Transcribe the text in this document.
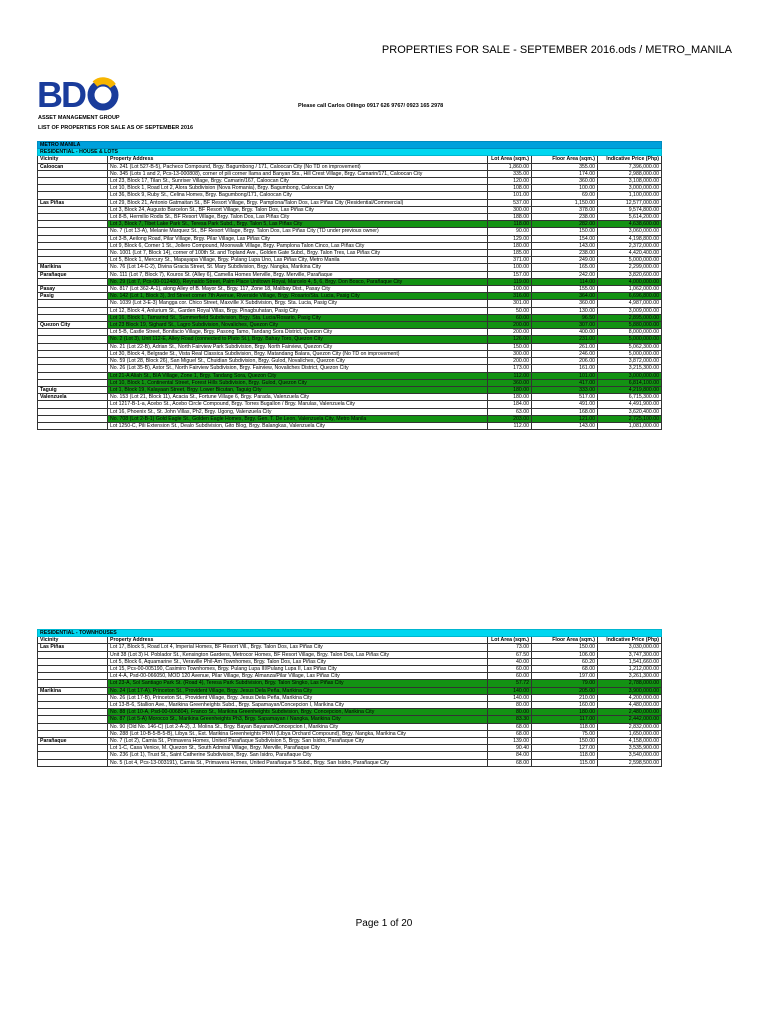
PROPERTIES FOR SALE - SEPTEMBER 2016.ods / METRO_MANILA
BD	Please call Carlos Oilingo 0917 626 9767/ 0923 165 2978
ASSET MANAGEMENT GROUP
LIST OF PROPERTIES FOR SALE AS OF SEPTEMBER 2016
METRO MANILA				
RESIDENTIAL - HOUSE & LOTS				
Vicinity	Property Address	Lot Area (sqm.)	Floor Area (sqm.)	Indicative Price (Php)
Caloocan	No. 241 (Lot 527-B-5), Pacheco Compound, Brgy. Bagumbong / 171, Caloocan City (No TD on improvement)	1,860.00	355.00	7,396,000.00
	No. 345 (Lots 1 and 2, Pcs-13-000808), corner of pili corner Ilama and Banyan Sts., Hill Crest Village, Brgy. Camarin/171, Caloocan City	335.00	174.00	2,988,000.00
	Lot 23, Block 17, Tilan St., Sunriser Village, Brgy. Camarin/167, Caloocan City	120.00	360.00	3,108,000.00
	Lot 10, Block 1, Road Lot 2, Alora Subdivision (Nova Romania), Brgy. Bagumbong, Caloocan City	108.00	100.00	3,000,000.00
	Lot 36, Block 9, Ruby St., Celina Homes, Brgy. Bagumbong/171, Caloocan City	101.00	69.00	1,100,000.00
Las Piñas	Lot 29, Block 21, Antonio Gatmaitan St., BF Resort Village, Brgy. Pamplona/Talon Dos, Las Piñas City (Residential/Commercial)	537.00	1,150.00	12,577,000.00
	Lot 3, Block 24, Augusto Barcelon St., BF Resort Village, Brgy. Talon Dos, Las Piñas City	300.00	378.00	9,574,800.00
	Lot 8-B, Hermilio Rodis St., BF Resort Village, Brgy. Talon Dos, Las Piñas City	188.00	238.00	5,614,200.00
	Lot 3, Block 7, Tibet Lake Park St., Teresa Park Subd., Brgy. Talon 5, Las Piñas City	118.00	282.00	4,638,600.00
	No. 7 (Lot 13-A), Melanie Marquez St., BF Resort Village, Brgy. Talon Dos, Las Piñas City (TD under previous owner)	90.00	150.00	3,060,000.00
	Lot 3-B, Aeilong Road, Pilar Village, Brgy. Pilar Village, Las Piñas City	129.00	154.00	4,198,800.00
	Lot 9, Block 6, Corner 1 St., Jollero Compound, Moonwalk Village, Brgy. Pamplona Talon Cinco, Las Piñas City	180.00	143.00	2,372,000.00
	No. 1001 (Lot 7, Block 14), corner of 100th St. and Topland Ave., Golden Gate Subd., Brgy. Talon Tres, Las Piñas City	185.00	238.00	4,420,400.00
	Lot 5, Block 1, Mercury St., Mapayapa Village, Brgy. Pulang Lupa Uno, Las Piñas City, Metro Manila	371.00	249.00	5,000,000.00
Marikina	No. 76 (Lot 14-C-2), Divina Gracia Street, St. Mary Subdivision, Brgy. Nangka, Marikina City	100.00	165.00	2,299,000.00
Parañaque	No. 111 (Lot 7, Block 7), Kouros St. (Alley 6), Camella Homes Merville, Brgy. Merville, Parañaque	157.00	242.00	3,820,600.00
	No. 29 (Lot 7, Pcs-00-012480), Reynaldo Street, Palm Place Uniltown Royal, Marcelo 4, 5, 6, Brgy. Don Bosco, Parañaque City	119.00	114.00	4,000,000.00
Pasay	No. 817 (Lot 362-A-1), along Alley of B. Mayor St., Brgy. 117, Zone 18, Malibay Dist., Pasay City	100.00	155.00	1,062,000.00
Pasig	No. 142 (Lot 1, Block 3), 3rd Street corner 7th Avenue, Riverside Village, Brgy. Rosario/Sta. Lucia, Pasig City	316.00	364.00	6,696,800.00
	No. 1039 (Lot 3-E-3) Mangga cor. Chico Street, Maxville X Subdivision, Brgy. Sta. Lucia, Pasig City	301.00	360.00	4,987,000.00
	Lot 12, Block 4, Anlurium St., Garden Royal Villas, Brgy. Pinagbuhatan, Pasig City	50.00	130.00	3,009,000.00
	Lot 16, Block 1, Tamarind St., Summerfield Subdivision, Brgy. Sta. Lucia/Rosario, Pasig City	60.00	96.50	2,895,000.00
Quezon City	Lot 23 Block 19, Sighard St., Lagro Subdivision, Novaliches, Quezon City	200.00	307.00	5,880,000.00
	Lot 5-B, Castle Street, Bonifacio Village, Brgy. Pasong Tamo, Tandang Sora District, Quezon City	200.00	400.00	8,000,000.00
	No. 2 (Lot 3), Unit 112-E, Alley Road (connected to Pluto St.), Brgy. Bahay Toro, Quezon City	126.00	231.00	5,000,000.00
	No. 21 (Lot 22-B), Adrian St., North Fairview Park Subdivision, Brgy. North Fairview, Quezon City	150.00	261.00	5,062,300.00
	Lot 30, Block 4, Belgrade St., Vista Real Classica Subdivision, Brgy. Matandang Balara, Quezon City (No TD on improvement)	300.00	246.00	5,000,000.00
	No. 59 (Lot 28, Block 26), San Miguel St., Chuidian Subdivision, Brgy. Gulod, Novaliches, Quezon City	200.00	206.00	3,872,000.00
	No. 26 (Lot 35-B), Astor St., North Fairview Subdivision, Brgy. Fairview, Novaliches District, Quezon City	173.00	161.00	3,215,300.00
	Lot 21-A Aliah St., BIA Village, Zone 1, Brgy. Tandang Sora, Quezon City	112.00	101.00	3,000,000.00
	Lot 10, Block 1, Continental Street, Forest Hills Subdivision, Brgy. Gulod, Quezon City	360.00	417.00	6,814,100.00
Taguig	Lot 1, Block 19, Kalayaan Street, Brgy. Lower Bicutan, Taguig City	180.00	333.00	4,219,800.00
Valenzuela	No. 153 (Lot 21, Block 11), Acacia St., Fortune Village 6, Brgy. Parada, Valenzuela City	180.00	517.00	6,715,300.00
	Lot 1217-B-1-a, Acebo St., Acebo Circle Compound, Brgy. Torres Bugallon / Brgy. Marulas, Valenzuela City	184.00	491.00	4,491,900.00
	Lot 16, Phoenix St., St. John Villas, Ph2, Brgy. Ugong, Valenzuela City	63.00	168.00	3,620,400.00
	No. 708 (Lot 2-B-1) Gold Eagle St., Golden Eagle Homes, Brgy. Gen. T. De Leon, Valenzuela City, Metro Manila	203.00	121.00	2,725,100.00
	Lot 1250-C, Pili Extension St., Dealo Subdivision, Gito Blog, Brgy. Balangkas, Valenzuela City	112.00	143.00	1,081,000.00
RESIDENTIAL - TOWNHOUSES				
Vicinity	Property Address	Lot Area (sqm.)	Floor Area (sqm.)	Indicative Price (Php)
Las Piñas	Lot 17, Block 5, Road Lot 4, Imperial Homes, BF Resort Vill., Brgy. Talon Dos, Las Piñas City	73.00	150.00	3,030,000.00
	Unit 38 (Lot 3) H. Poblador St., Kensington Gardens, Metrocor Homes, BF Resort Village, Brgy. Talon Dos, Las Piñas City	67.50	106.00	3,747,300.00
	Lot 5, Block 6, Aquamarine St., Veraville Phil-Am Townhomes, Brgy. Talon Dos, Las Piñas City	40.00	60.20	1,541,660.00
	Lot 15, Pcs-00-005190, Casimiro Townhomes, Brgy. Pulang Lupa III/Pulang Lupa II, Las Piñas City	60.00	68.00	1,212,000.00
	Lot 4-A, Psd-00-066050, MOD 120 Avenue, Pilar Village, Brgy. Almanza/Pilar Village, Las Piñas City	60.00	197.00	3,261,300.00
	Lot 23-A, Sol Santiago Park St. (Road 4), Teresa Park Subdivision, Brgy. Talon Singko, Las Piñas City	57.72	79.00	2,788,000.00
Marikina	No. 24 (Lot 17-A), Princeton St., Provident Village, Brgy. Jesus Dela Peña, Marikina City	140.00	205.00	3,900,000.00
	No. 26 (Lot 17-B), Princeton St., Provident Village, Brgy. Jesus Dela Peña, Marikina City	140.00	210.00	4,200,000.00
	Lot 13-B-6, Stallion Ave., Marikina Greenheights Subd., Brgy. Sapamayan/Concepcion I, Marikina City	80.00	160.00	4,480,000.00
	No. 88 (Lot 10-A, Psd-00-006804), Franco St., Marikina Greenheights Subdivision, Brgy. Concepcion, Marikina City	80.00	180.00	2,480,000.00
	No. 87 (Lot 5-A) Morocco St., Marikina Greenheights Ph3, Brgy. Sapamayan / Nangka, Marikina City	83.30	117.00	2,442,000.00
	No. 90 (Old No. 146-C) (Lot 2-A-2), J. Molina St., Brgy. Bayan Bayanan/Concepcion I, Marikina City	68.00	118.00	2,832,000.00
	No. 288 (Lot 10-B-5-B-5-B), Libya St., Ext. Marikina Greenheights PhVII (Libya Orchard Compound), Brgy. Nangka, Marikina City	68.00	75.00	1,650,000.00
Parañaque	No. 7 (Lot 2), Camia St., Primavera Homes, United Parañaque Subdivision 5, Brgy. San Isidro, Parañaque City	139.00	150.00	4,158,000.00
	Lot 1-C, Casa Venice, M. Quezon St., South Admiral Village, Brgy. Merville, Parañaque City	90.40	127.00	3,535,900.00
	No. 236 (Lot 1), Trust St., Saint Catherine Subdivision, Brgy. San Isidro, Parañaque City	84.00	118.00	3,540,000.00
	No. 5 (Lot 4, Pcs-13-003191), Camia St., Primavera Homes, United Parañaque 5 Subd., Brgy. San Isidro, Parañaque City	68.00	115.00	2,598,500.00
Page 1 of 20
